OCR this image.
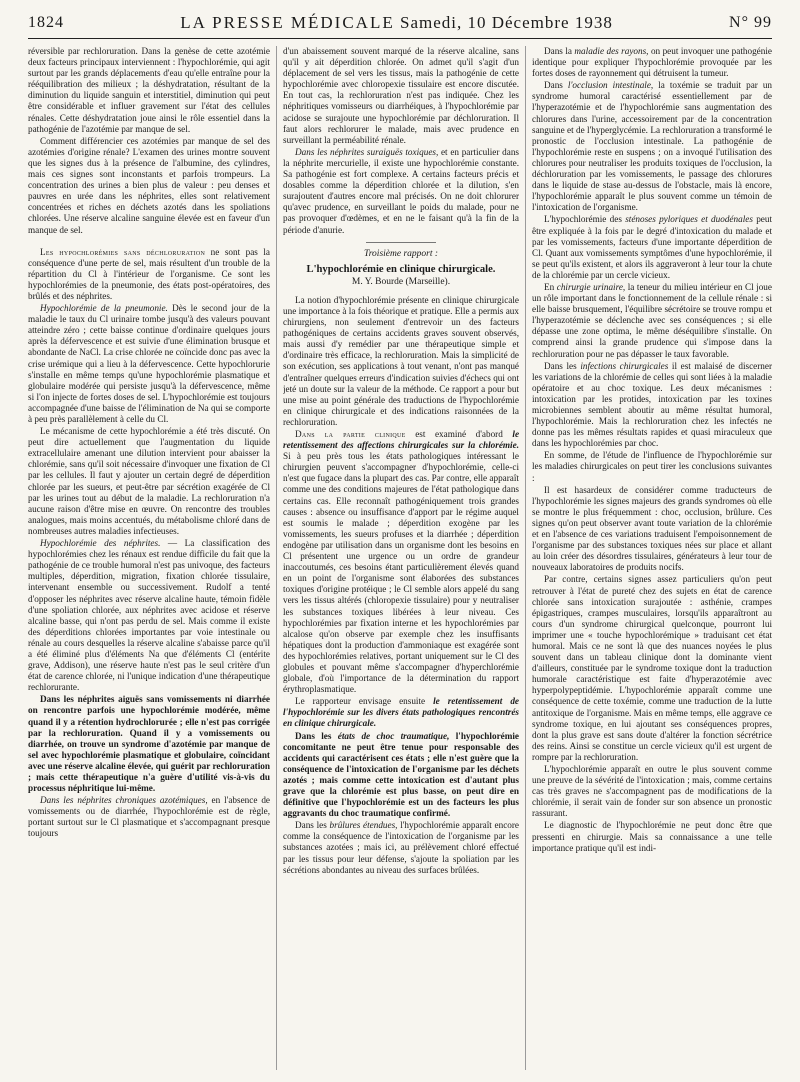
1824	LA PRESSE MÉDICALE Samedi, 10 Décembre 1938	N° 99

réversible par rechloruration. Dans la genèse de cette azotémie deux facteurs principaux interviennent : l'hypochlorémie, qui agit surtout par les grands déplacements d'eau qu'elle entraîne pour la rééquilibration des milieux ; la déshydratation, résultant de la diminution du liquide sanguin et interstitiel, diminution qui peut être considérable et influer gravement sur l'état des cellules rénales. Cette déshydratation joue ainsi le rôle essentiel dans la pathogénie de l'azotémie par manque de sel.

Comment différencier ces azotémies par manque de sel des azotémies d'origine rénale? L'examen des urines montre souvent que les signes dus à la présence de l'albumine, des cylindres, mais ces signes sont inconstants et parfois trompeurs. La concentration des urines a bien plus de valeur : peu denses et pauvres en urée dans les néphrites, elles sont relativement concentrées et riches en déchets azotés dans les spoliations chlorées. Une réserve alcaline sanguine élevée est en faveur d'un manque de sel.

Les hypochlorémies sans déchloruration ne sont pas la conséquence d'une perte de sel, mais résultent d'un trouble de la répartition du Cl à l'intérieur de l'organisme. Ce sont les hypochlorémies de la pneumonie, des états post-opératoires, des brûlés et des néphrites.

Hypochlorémie de la pneumonie. Dès le second jour de la maladie le taux du Cl urinaire tombe jusqu'à des valeurs pouvant atteindre zéro ; cette baisse continue d'ordinaire quelques jours après la défervescence et est suivie d'une élimination brusque et abondante de NaCl. La crise chlorée ne coïncide donc pas avec la crise urémique qui a lieu à la défervescence. Cette hypochlorurie s'installe en même temps qu'une hypochlorémie plasmatique et globulaire modérée qui persiste jusqu'à la défervescence, même si l'on injecte de fortes doses de sel. L'hypochlorémie est toujours accompagnée d'une baisse de l'élimination de Na qui se comporte à peu près parallèlement à celle du Cl.

Le mécanisme de cette hypochlorémie a été très discuté. On peut dire actuellement que l'augmentation du liquide extracellulaire amenant une dilution intervient pour abaisser la chlorémie, sans qu'il soit nécessaire d'invoquer une fixation de Cl par les cellules. Il faut y ajouter un certain degré de déperdition chlorée par les sueurs, et peut-être par sécrétion exagérée de Cl par les urines tout au début de la maladie. La rechloruration n'a aucune raison d'être mise en œuvre. On rencontre des troubles analogues, mais moins accentués, du métabolisme chloré dans de nombreuses autres maladies infectieuses.

Hypochlorémie des néphrites. — La classification des hypochlorémies chez les rénaux est rendue difficile du fait que la pathogénie de ce trouble humoral n'est pas univoque, des facteurs multiples, déperdition, migration, fixation chlorée tissulaire, intervenant ensemble ou successivement. Rudolf a tenté d'opposer les néphrites avec réserve alcaline haute, témoin fidèle d'une spoliation chlorée, aux néphrites avec acidose et réserve alcaline basse, qui n'ont pas perdu de sel. Mais comme il existe des déperditions chlorées importantes par voie intestinale ou rénale au cours desquelles la réserve alcaline s'abaisse parce qu'il a été éliminé plus d'éléments Na que d'éléments Cl (entérite grave, Addison), une réserve haute n'est pas le seul critère d'un état de carence chlorée, ni l'unique indication d'une thérapeutique rechlorurante.

Dans les néphrites aiguës sans vomissements ni diarrhée on rencontre parfois une hypochlorémie modérée, même quand il y a rétention hydrochlorurée ; elle n'est pas corrigée par la rechloruration. Quand il y a vomissements ou diarrhée, on trouve un syndrome d'azotémie par manque de sel avec hypochlorémie plasmatique et globulaire, coïncidant avec une réserve alcaline élevée, qui guérit par rechloruration ; mais cette thérapeutique n'a guère d'utilité vis-à-vis du processus néphritique lui-même.

Dans les néphrites chroniques azotémiques, en l'absence de vomissements ou de diarrhée, l'hypochlorémie est de règle, portant surtout sur le Cl plasmatique et s'accompagnant presque toujours

d'un abaissement souvent marqué de la réserve alcaline, sans qu'il y ait déperdition chlorée. On admet qu'il s'agit d'un déplacement de sel vers les tissus, mais la pathogénie de cette hypochlorémie avec chloropexie tissulaire est encore discutée. En tout cas, la rechloruration n'est pas indiquée. Chez les néphritiques vomisseurs ou diarrhéiques, à l'hypochlorémie par acidose se surajoute une hypochlorémie par déchloruration. Il faut alors rechlorurer le malade, mais avec prudence en surveillant la perméabilité rénale.

Dans les néphrites suraiguës toxiques, et en particulier dans la néphrite mercurielle, il existe une hypochlorémie constante. Sa pathogénie est fort complexe. A certains facteurs précis et dosables comme la déperdition chlorée et la dilution, s'en surajoutent d'autres encore mal précisés. On ne doit chlorurer qu'avec prudence, en surveillant le poids du malade, pour ne pas provoquer d'œdèmes, et en ne le faisant qu'à la fin de la période d'anurie.

Troisième rapport :
L'hypochlorémie en clinique chirurgicale.
M. Y. Bourde (Marseille).

La notion d'hypochlorémie présente en clinique chirurgicale une importance à la fois théorique et pratique. Elle a permis aux chirurgiens, non seulement d'entrevoir un des facteurs pathogéniques de certains accidents graves souvent observés, mais aussi d'y remédier par une thérapeutique simple et d'ordinaire très efficace, la rechloruration. Mais la simplicité de son exécution, ses applications à tout venant, n'ont pas manqué d'entraîner quelques erreurs d'indication suivies d'échecs qui ont jeté un doute sur la valeur de la méthode. Ce rapport a pour but une mise au point générale des traductions de l'hypochlorémie en clinique chirurgicale et des indications raisonnées de la rechloruration.

Dans la partie clinique est examiné d'abord le retentissement des affections chirurgicales sur la chlorémie. Si à peu près tous les états pathologiques intéressant le chirurgien peuvent s'accompagner d'hypochlorémie, celle-ci n'est que fugace dans la plupart des cas. Par contre, elle apparaît comme une des conditions majeures de l'état pathologique dans certains cas. Elle reconnaît pathogéniquement trois grandes causes : absence ou insuffisance d'apport par le régime auquel est soumis le malade ; déperdition exogène par les vomissements, les sueurs profuses et la diarrhée ; déperdition endogène par utilisation dans un organisme dont les besoins en Cl présentent une urgence ou un ordre de grandeur inaccoutumés, ces besoins étant particulièrement élevés quand en un point de l'organisme sont élaborées des substances toxiques d'origine protéique ; le Cl semble alors appelé du sang vers les tissus altérés (chloropexie tissulaire) pour y neutraliser les substances toxiques libérées à leur niveau. Ces hypochlorémies par fixation interne et les hypochlorémies par alcalose qu'on observe par exemple chez les insuffisants hépatiques dont la production d'ammoniaque est exagérée sont des hypochlorémies relatives, portant uniquement sur le Cl des globules et pouvant même s'accompagner d'hyperchlorémie globale, d'où l'importance de la détermination du rapport érythroplasmatique.

Le rapporteur envisage ensuite le retentissement de l'hypochlorémie sur les divers états pathologiques rencontrés en clinique chirurgicale.

Dans les états de choc traumatique, l'hypochlorémie concomitante ne peut être tenue pour responsable des accidents qui caractérisent ces états ; elle n'est guère que la conséquence de l'intoxication de l'organisme par les déchets azotés ; mais comme cette intoxication est d'autant plus grave que la chlorémie est plus basse, on peut dire en définitive que l'hypochlorémie est un des facteurs les plus aggravants du choc traumatique confirmé.

Dans les brûlures étendues, l'hypochlorémie apparaît encore comme la conséquence de l'intoxication de l'organisme par les substances azotées ; mais ici, au prélèvement chloré effectué par les tissus pour leur défense, s'ajoute la spoliation par les sécrétions abondantes au niveau des surfaces brûlées.

Dans la maladie des rayons, on peut invoquer une pathogénie identique pour expliquer l'hypochlorémie provoquée par les fortes doses de rayonnement qui détruisent la tumeur.

Dans l'occlusion intestinale, la toxémie se traduit par un syndrome humoral caractérisé essentiellement par de l'hyperazotémie et de l'hypochlorémie sans augmentation des chlorures dans l'urine, accessoirement par de la concentration sanguine et de l'hyperglycémie. La rechloruration a transformé le pronostic de l'occlusion intestinale. La pathogénie de l'hypochlorémie reste en suspens ; on a invoqué l'utilisation des chlorures pour neutraliser les produits toxiques de l'occlusion, la déchloruration par les vomissements, le passage des chlorures dans le liquide de stase au-dessus de l'obstacle, mais là encore, l'hypochlorémie apparaît le plus souvent comme un témoin de l'intoxication de l'organisme.

L'hypochlorémie des sténoses pyloriques et duodénales peut être expliquée à la fois par le degré d'intoxication du malade et par les vomissements, facteurs d'une importante déperdition de Cl. Quant aux vomissements symptômes d'une hypochlorémie, il se peut qu'ils existent, et alors ils aggraveront à leur tour la chute de la chlorémie par un cercle vicieux.

En chirurgie urinaire, la teneur du milieu intérieur en Cl joue un rôle important dans le fonctionnement de la cellule rénale : si elle baisse brusquement, l'équilibre sécrétoire se trouve rompu et l'hyperazotémie se déclenche avec ses conséquences ; si elle dépasse une zone optima, le même déséquilibre s'installe. On comprend ainsi la grande prudence qui s'impose dans la rechloruration pour ne pas dépasser le taux favorable.

Dans les infections chirurgicales il est malaisé de discerner les variations de la chlorémie de celles qui sont liées à la maladie opératoire et au choc toxique. Les deux mécanismes : intoxication par les protides, intoxication par les toxines microbiennes semblent aboutir au même résultat humoral, l'hypochlorémie. Mais la rechloruration chez les infectés ne donne pas les mêmes résultats rapides et quasi miraculeux que dans les hypochlorémies par choc.

En somme, de l'étude de l'influence de l'hypochlorémie sur les maladies chirurgicales on peut tirer les conclusions suivantes :

Il est hasardeux de considérer comme traducteurs de l'hypochlorémie les signes majeurs des grands syndromes où elle se montre le plus fréquemment : choc, occlusion, brûlure. Ces signes qu'on peut observer avant toute variation de la chlorémie et en l'absence de ces variations traduisent l'empoisonnement de l'organisme par des substances toxiques nées sur place et allant au loin créer des désordres tissulaires, générateurs à leur tour de nouveaux laboratoires de produits nocifs.

Par contre, certains signes assez particuliers qu'on peut retrouver à l'état de pureté chez des sujets en état de carence chlorée sans intoxication surajoutée : asthénie, crampes épigastriques, crampes musculaires, lorsqu'ils apparaîtront au cours d'un syndrome chirurgical quelconque, pourront lui imprimer une « touche hypochlorémique » traduisant cet état humoral. Mais ce ne sont là que des nuances noyées le plus souvent dans un tableau clinique dont la dominante vient d'ailleurs, constituée par le syndrome toxique dont la traduction humorale caractéristique est faite d'hyperazotémie avec hyperpolypeptidémie. L'hypochlorémie apparaît comme une conséquence de cette toxémie, comme une traduction de la lutte antitoxique de l'organisme. Mais en même temps, elle aggrave ce syndrome toxique, en lui ajoutant ses conséquences propres, dont la plus grave est sans doute d'altérer la fonction sécrétrice des reins. Ainsi se constitue un cercle vicieux qu'il est urgent de rompre par la rechloruration.

L'hypochlorémie apparaît en outre le plus souvent comme une preuve de la sévérité de l'intoxication ; mais, comme certains cas très graves ne s'accompagnent pas de modifications de la chlorémie, il serait vain de fonder sur son absence un pronostic rassurant.

Le diagnostic de l'hypochlorémie ne peut donc être que pressenti en chirurgie. Mais sa connaissance a une telle importance pratique qu'il est indi-
